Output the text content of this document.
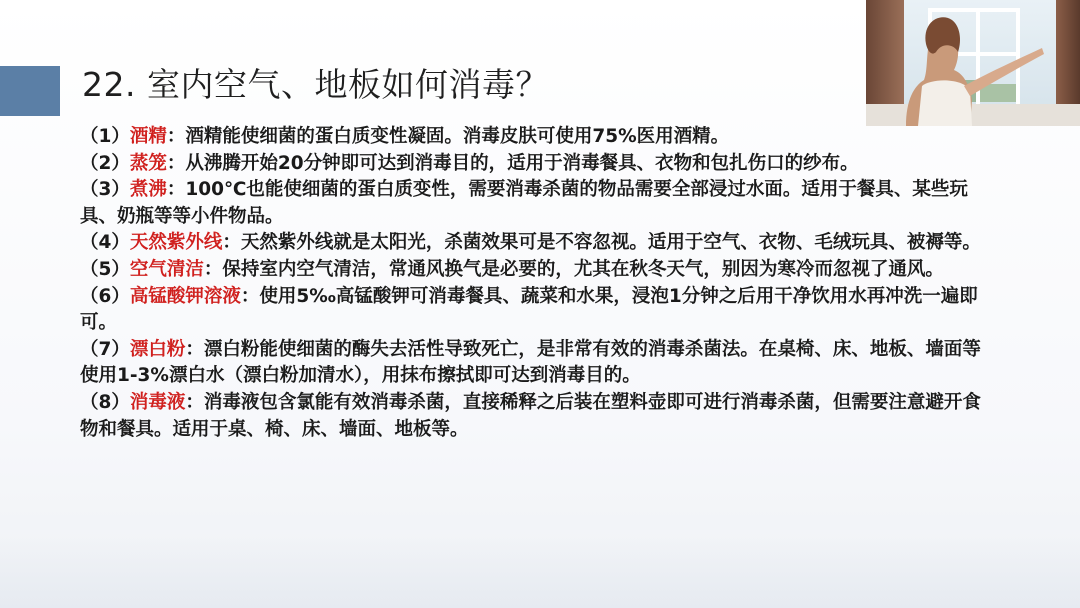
22. 室内空气、地板如何消毒？
（1）酒精：酒精能使细菌的蛋白质变性凝固。消毒皮肤可使用75%医用酒精。
（2）蒸笼：从沸腾开始20分钟即可达到消毒目的，适用于消毒餐具、衣物和包扎伤口的纱布。
（3）煮沸：100℃也能使细菌的蛋白质变性，需要消毒杀菌的物品需要全部浸过水面。适用于餐具、某些玩具、奶瓶等等小件物品。
（4）天然紫外线：天然紫外线就是太阳光，杀菌效果可是不容忽视。适用于空气、衣物、毛绒玩具、被褥等。
（5）空气清洁：保持室内空气清洁，常通风换气是必要的，尤其在秋冬天气，别因为寒冷而忽视了通风。
（6）高锰酸钾溶液：使用5‰高锰酸钾可消毒餐具、蔬菜和水果，浸泡1分钟之后用干净饮用水再冲洗一遍即可。
（7）漂白粉：漂白粉能使细菌的酶失去活性导致死亡，是非常有效的消毒杀菌法。在桌椅、床、地板、墙面等使用1-3%漂白水（漂白粉加清水），用抹布擦拭即可达到消毒目的。
（8）消毒液：消毒液包含氯能有效消毒杀菌，直接稀释之后装在塑料壶即可进行消毒杀菌，但需要注意避开食物和餐具。适用于桌、椅、床、墙面、地板等。
